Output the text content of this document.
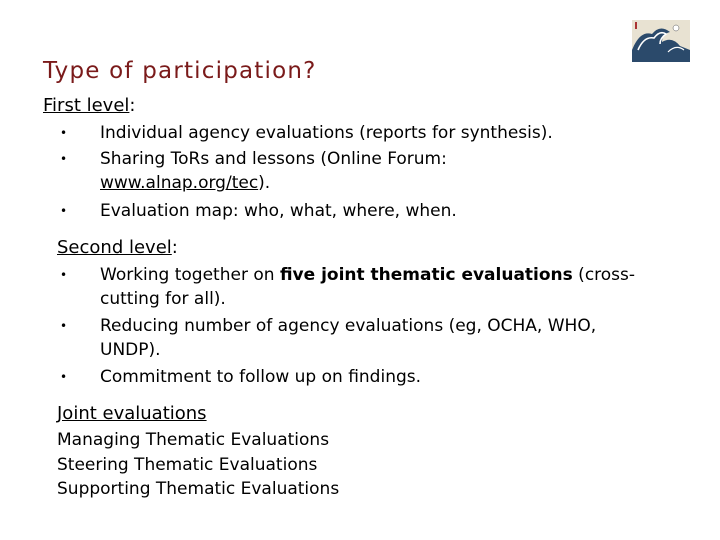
Type of participation?
First level:
• Individual agency evaluations (reports for synthesis).
• Sharing ToRs and lessons (Online Forum:
www.alnap.org/tec).
• Evaluation map: who, what, where, when.
Second level:
• Working together on five joint thematic evaluations (cross-
cutting for all).
• Reducing number of agency evaluations (eg, OCHA, WHO,
UNDP).
• Commitment to follow up on findings.
Joint evaluations
Managing Thematic Evaluations
Steering Thematic Evaluations
Supporting Thematic Evaluations
